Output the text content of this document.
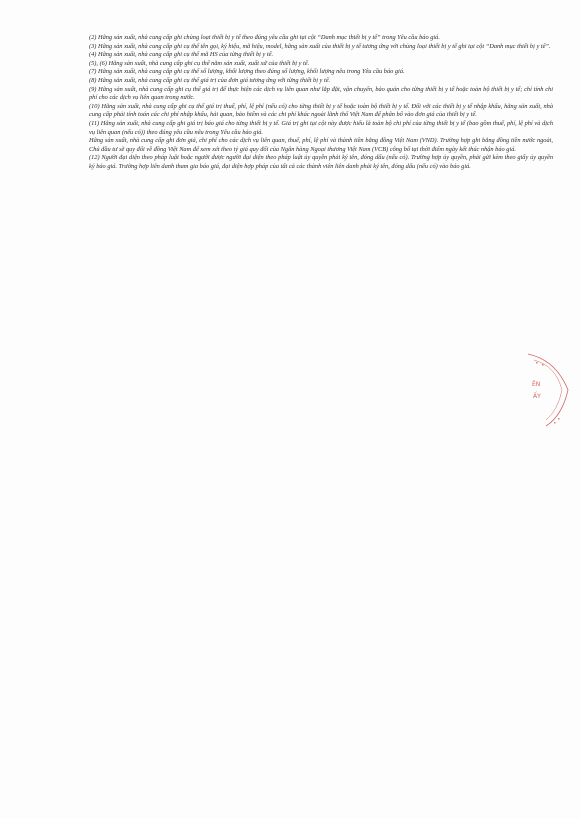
(2) Hãng sản xuất, nhà cung cấp ghi chủng loại thiết bị y tế theo đúng yêu cầu ghi tại cột “Danh mục thiết bị y tế” trong Yêu cầu báo giá.

(3) Hãng sản xuất, nhà cung cấp ghi cụ thể tên gọi, ký hiệu, mã hiệu, model, hãng sản xuất của thiết bị y tế tương ứng với chủng loại thiết bị y tế ghi tại cột “Danh mục thiết bị y tế”.

(4) Hãng sản xuất, nhà cung cấp ghi cụ thể mã HS của từng thiết bị y tế.

(5), (6) Hãng sản xuất, nhà cung cấp ghi cụ thể năm sản xuất, xuất xứ của thiết bị y tế.

(7) Hãng sản xuất, nhà cung cấp ghi cụ thể số lượng, khối lượng theo đúng số lượng, khối lượng nêu trong Yêu cầu báo giá.

(8) Hãng sản xuất, nhà cung cấp ghi cụ thể giá trị của đơn giá tương ứng với từng thiết bị y tế.

(9) Hãng sản xuất, nhà cung cấp ghi cụ thể giá trị để thực hiện các dịch vụ liên quan như lắp đặt, vận chuyển, bảo quản cho từng thiết bị y tế hoặc toàn bộ thiết bị y tế; chỉ tính chi phí cho các dịch vụ liên quan trong nước.

(10) Hãng sản xuất, nhà cung cấp ghi cụ thể giá trị thuế, phí, lệ phí (nếu có) cho từng thiết bị y tế hoặc toàn bộ thiết bị y tế. Đối với các thiết bị y tế nhập khẩu, hãng sản xuất, nhà cung cấp phải tính toán các chi phí nhập khẩu, hải quan, bảo hiểm và các chi phí khác ngoài lãnh thổ Việt Nam để phân bổ vào đơn giá của thiết bị y tế.

(11) Hãng sản xuất, nhà cung cấp ghi giá trị báo giá cho từng thiết bị y tế. Giá trị ghi tại cột này được hiểu là toàn bộ chi phí của từng thiết bị y tế (bao gồm thuế, phí, lệ phí và dịch vụ liên quan (nếu có)) theo đúng yêu cầu nêu trong Yêu cầu báo giá.

Hãng sản xuất, nhà cung cấp ghi đơn giá, chi phí cho các dịch vụ liên quan, thuế, phí, lệ phí và thành tiền bằng đồng Việt Nam (VND). Trường hợp ghi bằng đồng tiền nước ngoài, Chủ đầu tư sẽ quy đổi về đồng Việt Nam để xem xét theo tỷ giá quy đổi của Ngân hàng Ngoại thương Việt Nam (VCB) công bố tại thời điểm ngày kết thúc nhận báo giá.

(12) Người đại diện theo pháp luật hoặc người được người đại diện theo pháp luật ủy quyền phải ký tên, đóng dấu (nếu có). Trường hợp ủy quyền, phải gửi kèm theo giấy ủy quyền ký báo giá. Trường hợp liên danh tham gia báo giá, đại diện hợp pháp của tất cả các thành viên liên danh phải ký tên, đóng dấu (nếu có) vào báo giá.

ÊN
ẤY
